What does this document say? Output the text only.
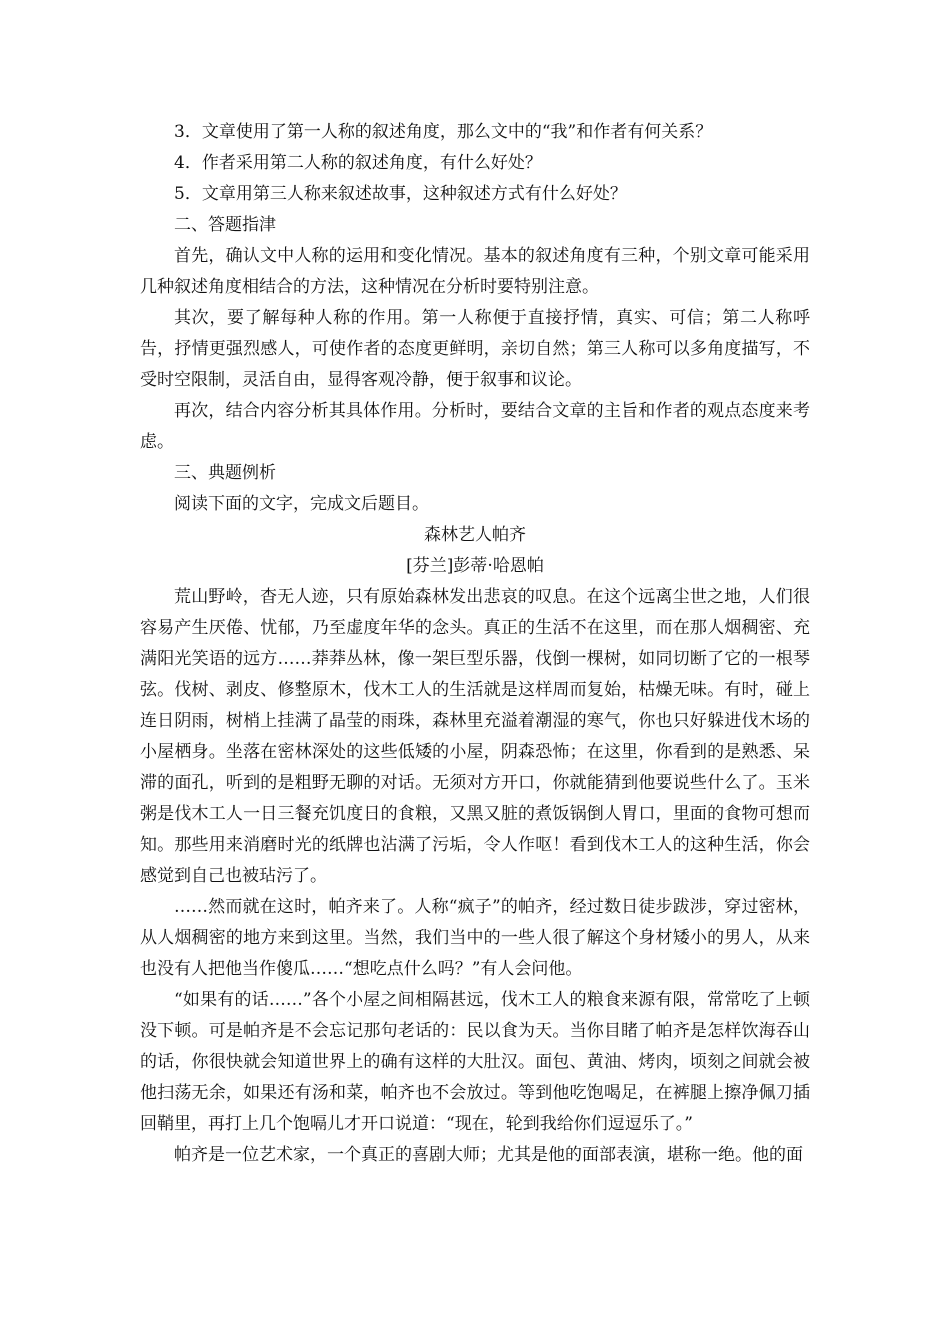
3．文章使用了第一人称的叙述角度，那么文中的“我”和作者有何关系？

4．作者采用第二人称的叙述角度，有什么好处？

5．文章用第三人称来叙述故事，这种叙述方式有什么好处？

二、答题指津

首先，确认文中人称的运用和变化情况。基本的叙述角度有三种，个别文章可能采用几种叙述角度相结合的方法，这种情况在分析时要特别注意。

其次，要了解每种人称的作用。第一人称便于直接抒情，真实、可信；第二人称呼告，抒情更强烈感人，可使作者的态度更鲜明，亲切自然；第三人称可以多角度描写，不受时空限制，灵活自由，显得客观冷静，便于叙事和议论。

再次，结合内容分析其具体作用。分析时，要结合文章的主旨和作者的观点态度来考虑。

三、典题例析

阅读下面的文字，完成文后题目。

森林艺人帕齐

[芬兰]彭蒂·哈恩帕

荒山野岭，杳无人迹，只有原始森林发出悲哀的叹息。在这个远离尘世之地，人们很容易产生厌倦、忧郁，乃至虚度年华的念头。真正的生活不在这里，而在那人烟稠密、充满阳光笑语的远方……莽莽丛林，像一架巨型乐器，伐倒一棵树，如同切断了它的一根琴弦。伐树、剥皮、修整原木，伐木工人的生活就是这样周而复始，枯燥无味。有时，碰上连日阴雨，树梢上挂满了晶莹的雨珠，森林里充溢着潮湿的寒气，你也只好躲进伐木场的小屋栖身。坐落在密林深处的这些低矮的小屋，阴森恐怖；在这里，你看到的是熟悉、呆滞的面孔，听到的是粗野无聊的对话。无须对方开口，你就能猜到他要说些什么了。玉米粥是伐木工人一日三餐充饥度日的食粮，又黑又脏的煮饭锅倒人胃口，里面的食物可想而知。那些用来消磨时光的纸牌也沾满了污垢，令人作呕！看到伐木工人的这种生活，你会感觉到自己也被玷污了。

……然而就在这时，帕齐来了。人称“疯子”的帕齐，经过数日徒步跋涉，穿过密林，从人烟稠密的地方来到这里。当然，我们当中的一些人很了解这个身材矮小的男人，从来也没有人把他当作傻瓜……“想吃点什么吗？”有人会问他。

“如果有的话……”各个小屋之间相隔甚远，伐木工人的粮食来源有限，常常吃了上顿没下顿。可是帕齐是不会忘记那句老话的：民以食为天。当你目睹了帕齐是怎样饮海吞山的话，你很快就会知道世界上的确有这样的大肚汉。面包、黄油、烤肉，顷刻之间就会被他扫荡无余，如果还有汤和菜，帕齐也不会放过。等到他吃饱喝足，在裤腿上擦净佩刀插回鞘里，再打上几个饱嗝儿才开口说道：“现在，轮到我给你们逗逗乐了。”

帕齐是一位艺术家，一个真正的喜剧大师；尤其是他的面部表演，堪称一绝。他的面
